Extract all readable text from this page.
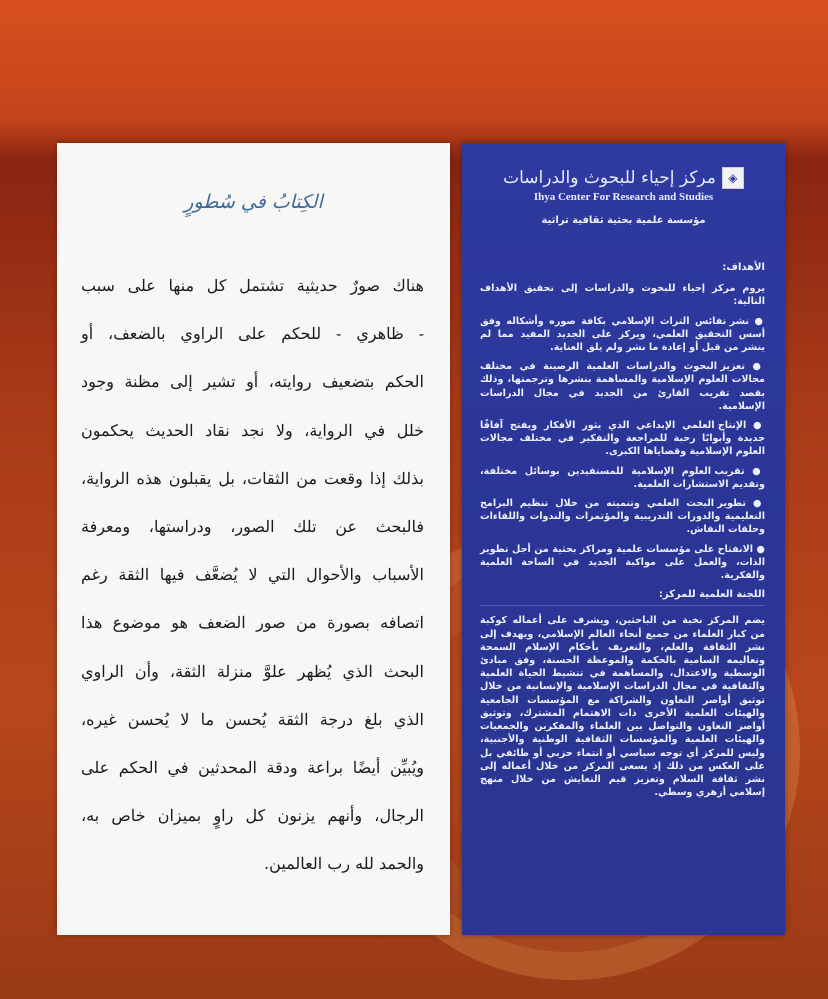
الكِتابُ في سُطورٍ
هناك صورٌ حديثية تشتمل كل منها على سبب
- ظاهري - للحكم على الراوي بالضعف، أو
الحكم بتضعيف روايته، أو تشير إلى مظنة وجود
خلل في الرواية، ولا نجد نقاد الحديث يحكمون
بذلك إذا وقعت من الثقات، بل يقبلون هذه الرواية،
فالبحث عن تلك الصور، ودراستها، ومعرفة
الأسباب والأحوال التي لا يُضعَّف فيها الثقة رغم
اتصافه بصورة من صور الضعف هو موضوع هذا
البحث الذي يُظهر علوَّ منزلة الثقة، وأن الراوي
الذي بلغ درجة الثقة يُحسن ما لا يُحسن غيره،
ويُبيِّن أيضًا براعة ودقة المحدثين في الحكم على
الرجال، وأنهم يزنون كل راوٍ بميزان خاص به،
والحمد لله رب العالمين.
◈
مركز إحياء للبحوث والدراسات
Ihya Center For Research and Studies
مؤسسة علمية بحثية ثقافية تراثية
الأهداف:

يروم مركز إحياء للبحوث والدراسات إلى تحقيق الأهداف التالية:

● نشر نفائس التراث الإسلامي بكافة صوره وأشكاله وفق أسس التحقيق العلمي، ويركز على الجديد المفيد مما لم ينشر من قبل أو إعادة ما نشر ولم يلق العناية.

● تعزيز البحوث والدراسات العلمية الرصينة في مختلف مجالات العلوم الإسلامية والمساهمة بنشرها وترجمتها، وذلك بقصد تقريب القارئ من الجديد في مجال الدراسات الإسلامية.

● الإنتاج العلمي الإبداعي الذي يثور الأفكار ويفتح آفاقًا جديدة وأبوابًا رحبة للمراجعة والتفكير في مختلف مجالات العلوم الإسلامية وقضاياها الكبرى.

● تقريب العلوم الإسلامية للمستفيدين بوسائل مختلفة، وتقديم الاستشارات العلمية.

● تطوير البحث العلمي وتنميته من خلال تنظيم البرامج التعليمية والدورات التدريبية والمؤتمرات والندوات واللقاءات وحلقات النقاش.

● الانفتاح على مؤسسات علمية ومراكز بحثية من أجل تطوير الذات، والعمل على مواكبة الجديد في الساحة العلمية والفكرية.

اللجنة العلمية للمركز:

يضم المركز نخبة من الباحثين، ويشرف على أعماله كوكبة من كبار العلماء من جميع أنحاء العالم الإسلامي، ويهدف إلى نشر الثقافة والعلم، والتعريف بأحكام الإسلام السمحة وتعاليمه السامية بالحكمة والموعظة الحسنة، وفق مبادئ الوسطية والاعتدال، والمساهمة في تنشيط الحياة العلمية والثقافية في مجال الدراسات الإسلامية والإنسانية من خلال توثيق أواصر التعاون والشراكة مع المؤسسات الجامعية والهيئات العلمية الأخرى ذات الاهتمام المشترك، وتوثيق أواصر التعاون والتواصل بين العلماء والمفكرين والجمعيات والهيئات العلمية والمؤسسات الثقافية الوطنية والأجنبية، وليس للمركز أي توجه سياسي أو انتماء حزبي أو طائفي بل على العكس من ذلك إذ يسعى المركز من خلال أعماله إلى نشر ثقافة السلام وتعزيز قيم التعايش من خلال منهج إسلامي أزهري وسطي.
